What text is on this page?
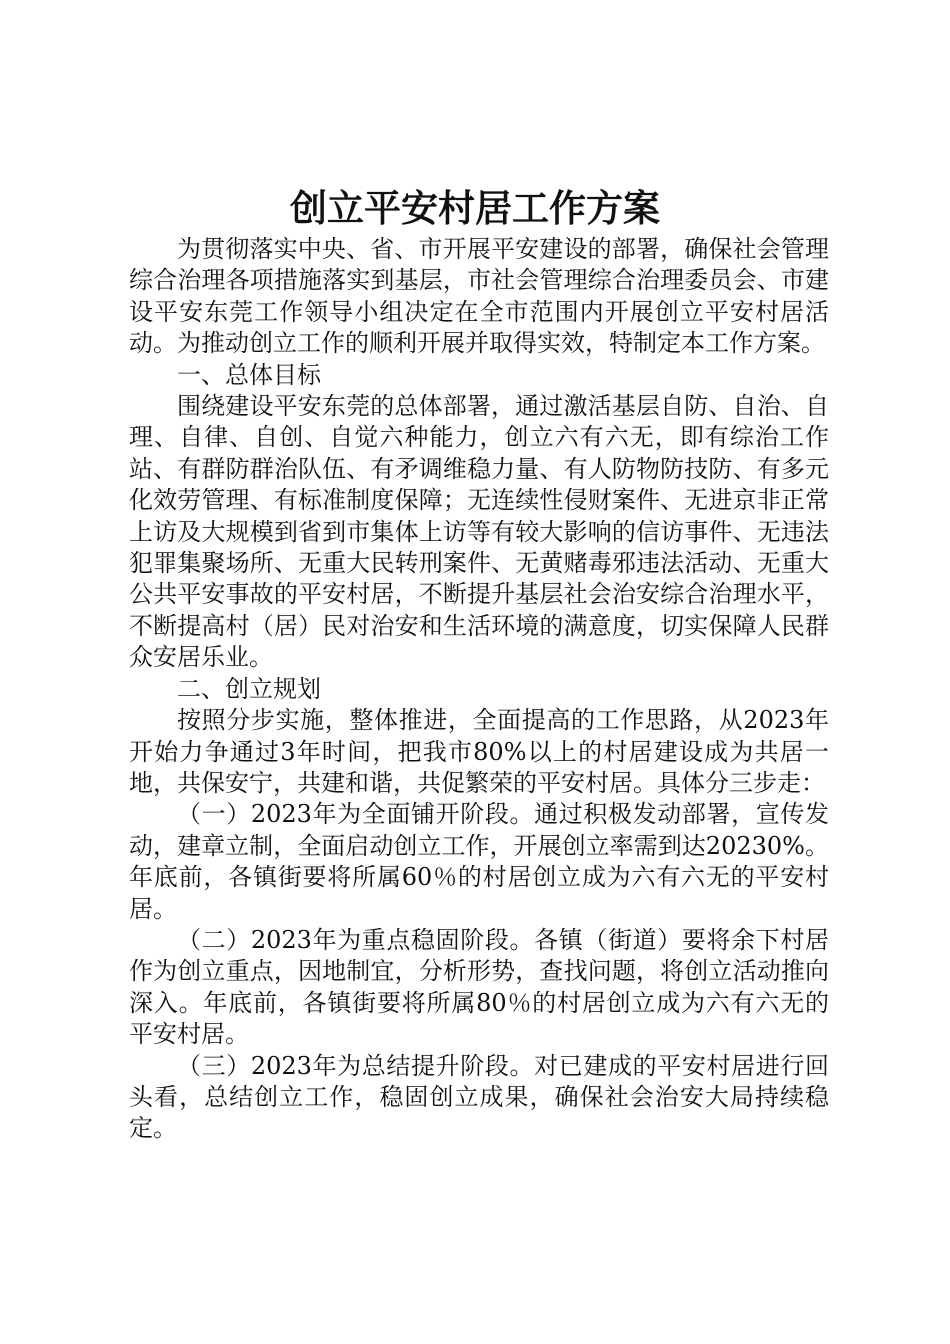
创立平安村居工作方案

为贯彻落实中央、省、市开展平安建设的部署，确保社会管理综合治理各项措施落实到基层，市社会管理综合治理委员会、市建设平安东莞工作领导小组决定在全市范围内开展创立平安村居活动。为推动创立工作的顺利开展并取得实效，特制定本工作方案。

一、总体目标

围绕建设平安东莞的总体部署，通过激活基层自防、自治、自理、自律、自创、自觉六种能力，创立六有六无，即有综治工作站、有群防群治队伍、有矛调维稳力量、有人防物防技防、有多元化效劳管理、有标准制度保障；无连续性侵财案件、无进京非正常上访及大规模到省到市集体上访等有较大影响的信访事件、无违法犯罪集聚场所、无重大民转刑案件、无黄赌毒邪违法活动、无重大公共平安事故的平安村居，不断提升基层社会治安综合治理水平，不断提高村（居）民对治安和生活环境的满意度，切实保障人民群众安居乐业。

二、创立规划

按照分步实施，整体推进，全面提高的工作思路，从2023年开始力争通过3年时间，把我市80%以上的村居建设成为共居一地，共保安宁，共建和谐，共促繁荣的平安村居。具体分三步走：

（一）2023年为全面铺开阶段。通过积极发动部署，宣传发动，建章立制，全面启动创立工作，开展创立率需到达20230%。年底前，各镇街要将所属60％的村居创立成为六有六无的平安村居。

（二）2023年为重点稳固阶段。各镇（街道）要将余下村居作为创立重点，因地制宜，分析形势，查找问题，将创立活动推向深入。年底前，各镇街要将所属80％的村居创立成为六有六无的平安村居。

（三）2023年为总结提升阶段。对已建成的平安村居进行回头看，总结创立工作，稳固创立成果，确保社会治安大局持续稳定。
